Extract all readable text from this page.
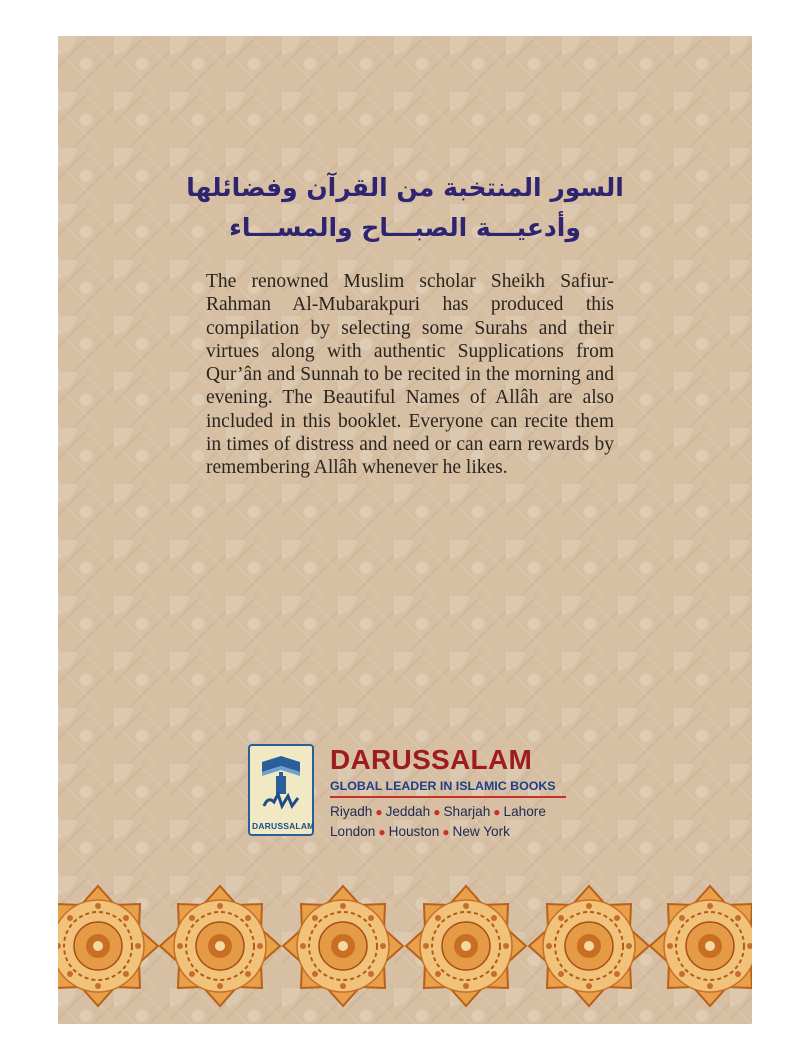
السور المنتخبة من القرآن وفضائلها
وأدعيـــة الصبـــاح والمســـاء

The renowned Muslim scholar Sheikh Safiur-Rahman Al-Mubarakpuri has produced this compilation by selecting some Surahs and their virtues along with authentic Supplications from Qur’ân and Sunnah to be recited in the morning and evening. The Beautiful Names of Allâh are also included in this booklet. Everyone can recite them in times of distress and need or can earn rewards by remembering Allâh whenever he likes.

DARUSSALAM
DARUSSALAM
GLOBAL LEADER IN ISLAMIC BOOKS
Riyadh ● Jeddah ● Sharjah ● Lahore
London ● Houston ● New York
